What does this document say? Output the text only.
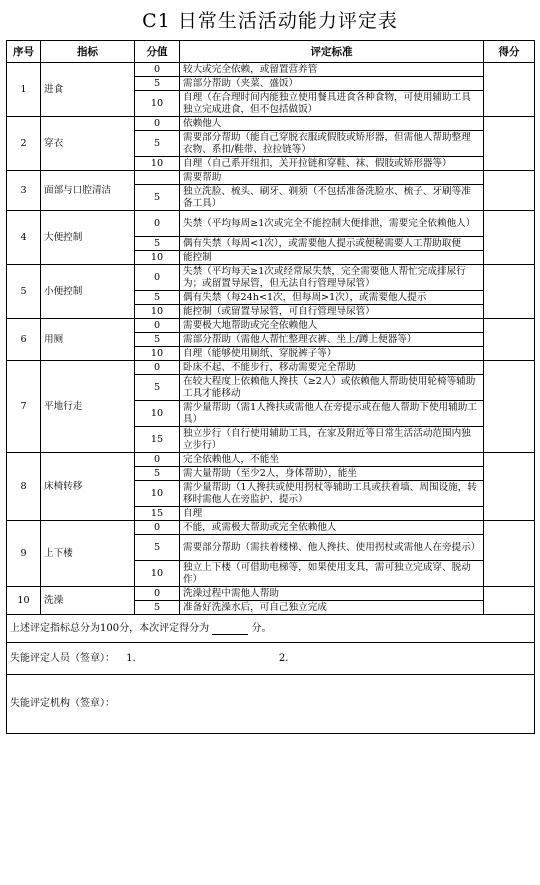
C1 日常生活活动能力评定表
序号	指标	分值	评定标准	得分
1	进食	0	较大或完全依赖，或留置营养管	
		5	需部分帮助（夹菜、盛饭）	
		10	自理（在合理时间内能独立使用餐具进食各种食物，可使用辅助工具独立完成进食，但不包括做饭）	
2	穿衣	0	依赖他人	
		5	需要部分帮助（能自己穿脱衣服或假肢或矫形器，但需他人帮助整理衣物、系扣/鞋带、拉拉链等）	
		10	自理（自己系开纽扣，关开拉链和穿鞋、袜、假肢或矫形器等）	
3	面部与口腔清洁		需要帮助	
		5	独立洗脸、梳头、刷牙、剃须（不包括准备洗脸水、梳子、牙刷等准备工具）	
4	大便控制	0	失禁（平均每周≥1次或完全不能控制大便排泄，需要完全依赖他人）	
		5	偶有失禁（每周<1次），或需要他人提示或便秘需要人工帮助取便	
		10	能控制	
5	小便控制	0	失禁（平均每天≥1次或经常尿失禁，完全需要他人帮忙完成排尿行为；或留置导尿管，但无法自行管理导尿管）	
		5	偶有失禁（每24h<1次，但每周>1次），或需要他人提示	
		10	能控制（或留置导尿管，可自行管理导尿管）	
6	用厕	0	需要极大地帮助或完全依赖他人	
		5	需部分帮助（需他人帮忙整理衣裤、坐上/蹲上便器等）	
		10	自理（能够使用厕纸、穿脱裤子等）	
7	平地行走	0	卧床不起、不能步行、移动需要完全帮助	
		5	在较大程度上依赖他人搀扶（≥2人）或依赖他人帮助使用轮椅等辅助工具才能移动	
		10	需少量帮助（需1人搀扶或需他人在旁提示或在他人帮助下使用辅助工具）	
		15	独立步行（自行使用辅助工具，在家及附近等日常生活活动范围内独立步行）	
8	床椅转移	0	完全依赖他人，不能坐	
		5	需大量帮助（至少2人，身体帮助），能坐	
		10	需少量帮助（1人搀扶或使用拐杖等辅助工具或扶着墙、周围设施，转移时需他人在旁监护、提示）	
		15	自理	
9	上下楼	0	不能，或需极大帮助或完全依赖他人	
		5	需要部分帮助（需扶着楼梯、他人搀扶、使用拐杖或需他人在旁提示）	
		10	独立上下楼（可借助电梯等，如果使用支具，需可独立完成穿、脱动作）	
10	洗澡	0	洗澡过程中需他人帮助	
		5	准备好洗澡水后，可自己独立完成	
上述评定指标总分为100分，本次评定得分为 分。				
失能评定人员（签章）： 1. 2.				
失能评定机构（签章）：				
